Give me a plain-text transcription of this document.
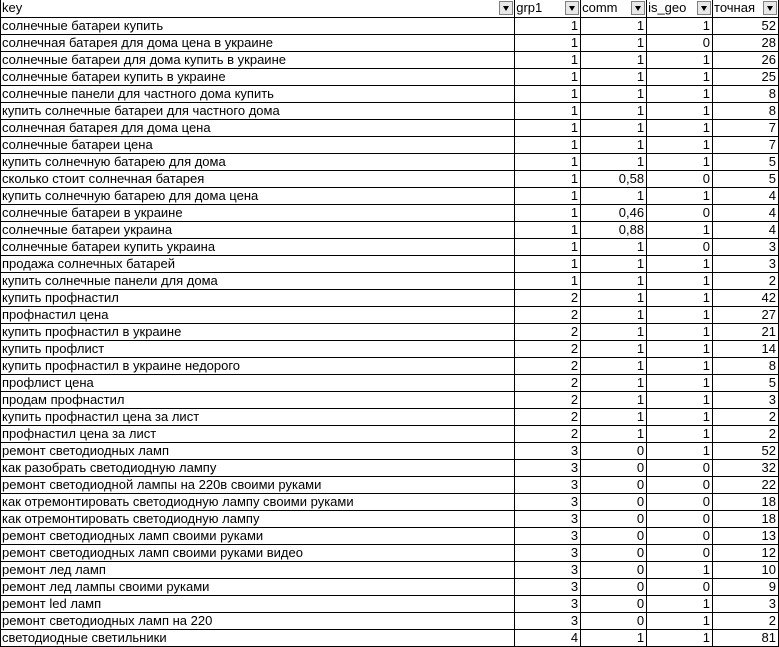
key	grp1	comm	is_geo	точная

солнечные батареи купить	1	1	1	52
солнечная батарея для дома цена в украине	1	1	0	28
солнечные батареи для дома купить в украине	1	1	1	26
солнечные батареи купить в украине	1	1	1	25
солнечные панели для частного дома купить	1	1	1	8
купить солнечные батареи для частного дома	1	1	1	8
солнечная батарея для дома цена	1	1	1	7
солнечные батареи цена	1	1	1	7
купить солнечную батарею для дома	1	1	1	5
сколько стоит солнечная батарея	1	0,58	0	5
купить солнечную батарею для дома цена	1	1	1	4
солнечные батареи в украине	1	0,46	0	4
солнечные батареи украина	1	0,88	1	4
солнечные батареи купить украина	1	1	0	3
продажа солнечных батарей	1	1	1	3
купить солнечные панели для дома	1	1	1	2
купить профнастил	2	1	1	42
профнастил цена	2	1	1	27
купить профнастил в украине	2	1	1	21
купить профлист	2	1	1	14
купить профнастил в украине недорого	2	1	1	8
профлист цена	2	1	1	5
продам профнастил	2	1	1	3
купить профнастил цена за лист	2	1	1	2
профнастил цена за лист	2	1	1	2
ремонт светодиодных ламп	3	0	1	52
как разобрать светодиодную лампу	3	0	0	32
ремонт светодиодной лампы на 220в своими руками	3	0	0	22
как отремонтировать светодиодную лампу своими руками	3	0	0	18
как отремонтировать светодиодную лампу	3	0	0	18
ремонт светодиодных ламп своими руками	3	0	0	13
ремонт светодиодных ламп своими руками видео	3	0	0	12
ремонт лед ламп	3	0	1	10
ремонт лед лампы своими руками	3	0	0	9
ремонт led ламп	3	0	1	3
ремонт светодиодных ламп на 220	3	0	1	2
светодиодные светильники	4	1	1	81
